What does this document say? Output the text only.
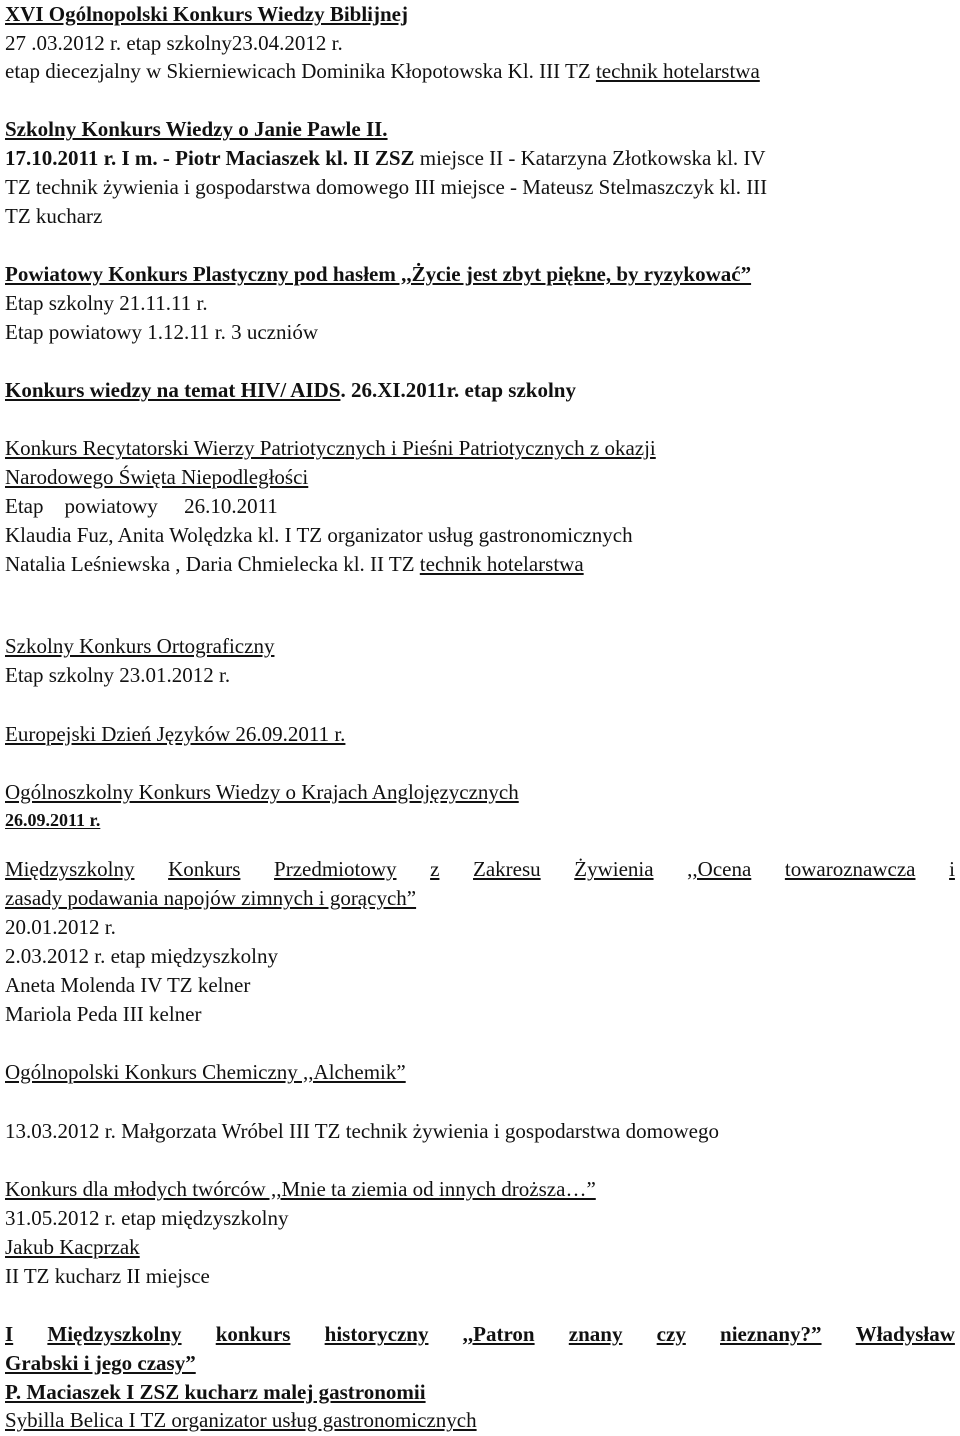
XVI Ogólnopolski Konkurs Wiedzy Biblijnej
27 .03.2012 r. etap szkolny23.04.2012 r.
etap diecezjalny w Skierniewicach Dominika Kłopotowska Kl. III TZ technik hotelarstwa
Szkolny Konkurs Wiedzy o Janie Pawle II.
17.10.2011 r. I m. - Piotr Maciaszek kl. II ZSZ miejsce II - Katarzyna Złotkowska kl. IV
TZ technik żywienia i gospodarstwa domowego III miejsce - Mateusz Stelmaszczyk kl. III
TZ kucharz
Powiatowy Konkurs Plastyczny pod hasłem ,,Życie jest zbyt piękne, by ryzykować”
Etap szkolny 21.11.11 r.
Etap powiatowy 1.12.11 r. 3 uczniów
Konkurs wiedzy na temat HIV/ AIDS. 26.XI.2011r. etap szkolny
Konkurs Recytatorski Wierzy Patriotycznych i Pieśni Patriotycznych z okazji
Narodowego Święta Niepodległości
Etap powiatowy 26.10.2011
Klaudia Fuz, Anita Wolędzka kl. I TZ organizator usług gastronomicznych
Natalia Leśniewska , Daria Chmielecka kl. II TZ technik hotelarstwa
Szkolny Konkurs Ortograficzny
Etap szkolny 23.01.2012 r.
Europejski Dzień Języków 26.09.2011 r.
Ogólnoszkolny Konkurs Wiedzy o Krajach Anglojęzycznych
26.09.2011 r.
Międzyszkolny Konkurs Przedmiotowy z Zakresu Żywienia ,,Ocena towaroznawcza i
zasady podawania napojów zimnych i gorących”
20.01.2012 r.
2.03.2012 r. etap międzyszkolny
Aneta Molenda IV TZ kelner
Mariola Peda III kelner
Ogólnopolski Konkurs Chemiczny ,,Alchemik”
13.03.2012 r. Małgorzata Wróbel III TZ technik żywienia i gospodarstwa domowego
Konkurs dla młodych twórców ,,Mnie ta ziemia od innych droższa…”
31.05.2012 r. etap międzyszkolny
Jakub Kacprzak
II TZ kucharz II miejsce
I Międzyszkolny konkurs historyczny ,,Patron znany czy nieznany?” Władysław
Grabski i jego czasy”
P. Maciaszek I ZSZ kucharz malej gastronomii
Sybilla Belica I TZ organizator usług gastronomicznych
